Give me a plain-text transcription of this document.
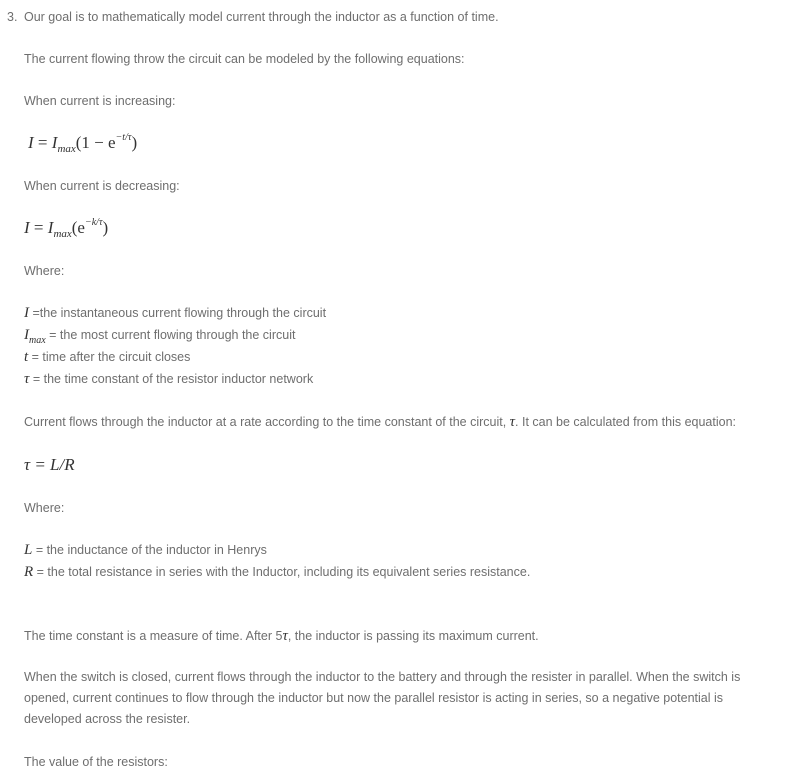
3. Our goal is to mathematically model current through the inductor as a function of time.
The current flowing throw the circuit can be modeled by the following equations:
When current is increasing:
$I = I_{max}(1 - e^{-t/\tau})$
When current is decreasing:
$I = I_{max}(e^{-k/\tau})$
Where:
I =the instantaneous current flowing through the circuit
$I_{max}$ = the most current flowing through the circuit
t = time after the circuit closes
τ = the time constant of the resistor inductor network
Current flows through the inductor at a rate according to the time constant of the circuit, τ. It can be calculated from this equation:
τ = L/R
Where:
L = the inductance of the inductor in Henrys
R = the total resistance in series with the Inductor, including its equivalent series resistance.
The time constant is a measure of time. After 5τ, the inductor is passing its maximum current.
When the switch is closed, current flows through the inductor to the battery and through the resister in parallel. When the switch is opened, current continues to flow through the inductor but now the parallel resistor is acting in series, so a negative potential is developed across the resister.
The value of the resistors:
